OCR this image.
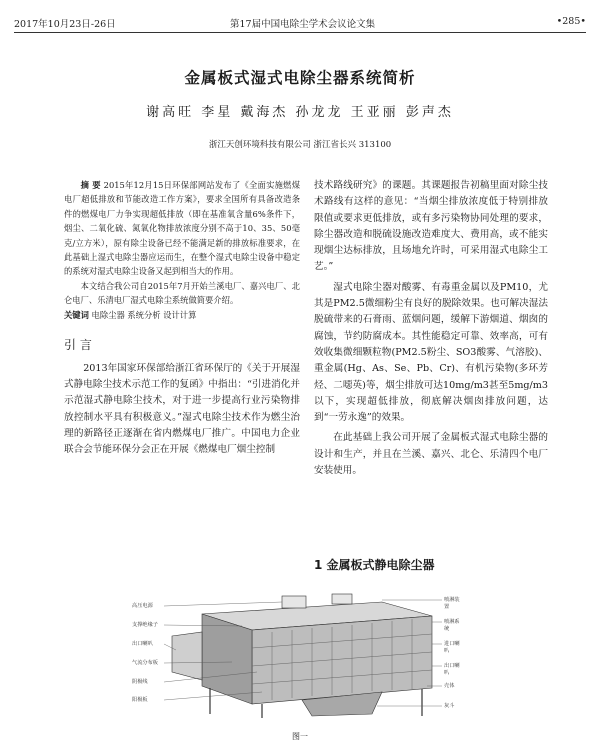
2017年10月23日-26日	第17届中国电除尘学术会议论文集	•285•
金属板式湿式电除尘器系统简析
谢高旺 李星 戴海杰 孙龙龙 王亚丽 彭声杰
浙江天创环境科技有限公司 浙江省长兴 313100

摘 要 2015年12月15日环保部网站发布了《全面实施燃煤电厂超低排放和节能改造工作方案》，要求全国所有具备改造条件的燃煤电厂力争实现超低排放（即在基准氧含量6%条件下，烟尘、二氧化硫、氮氧化物排放浓度分别不高于10、35、50毫克/立方米），原有除尘设备已经不能满足新的排放标准要求，在此基础上湿式电除尘器应运而生，在整个湿式电除尘设备中稳定的系统对湿式电除尘设备又起到相当大的作用。

本文结合我公司自2015年7月开始兰溪电厂、嘉兴电厂、北仑电厂、乐清电厂湿式电除尘系统做简要介绍。

关键词 电除尘器 系统分析 设计计算
引 言

2013年国家环保部给浙江省环保厅的《关于开展湿式静电除尘技术示范工作的复函》中指出：“引进消化并示范湿式静电除尘技术，对于进一步提高行业污染物排放控制水平具有积极意义。”湿式电除尘技术作为燃尘治理的新路径正逐渐在省内燃煤电厂推广。中国电力企业联合会节能环保分会正在开展《燃煤电厂烟尘控制

技术路线研究》的课题。其课题报告初稿里面对除尘技术路线有这样的意见：“当烟尘排放浓度低于特别排放限值或要求更低排放，或有多污染物协同处理的要求，除尘器改造和脱硫设施改造难度大、费用高，或不能实现烟尘达标排放，且场地允许时，可采用湿式电除尘工艺。”

湿式电除尘器对酸雾、有毒重金属以及PM10，尤其是PM2.5微细粉尘有良好的脱除效果。也可解决湿法脱硫带来的石膏雨、蓝烟问题，缓解下游烟道、烟囱的腐蚀，节约防腐成本。其性能稳定可靠、效率高，可有效收集微细颗粒物(PM2.5粉尘、SO3酸雾、气溶胶)、重金属(Hg、As、Se、Pb、Cr)、有机污染物(多环芳烃、二噁英)等，烟尘排放可达10mg/m3甚至5mg/m3以下，实现超低排放，彻底解决烟囱排放问题，达到“一劳永逸”的效果。

在此基础上我公司开展了金属板式湿式电除尘器的设计和生产，并且在兰溪、嘉兴、北仑、乐清四个电厂安装使用。

1 金属板式静电除尘器
高压电源
支撑绝缘子
出口喇叭
气流分布板
阴极线
阳极板
喷淋装置
喷淋系统
进口喇叭
出口喇叭
壳体
灰斗
图一
